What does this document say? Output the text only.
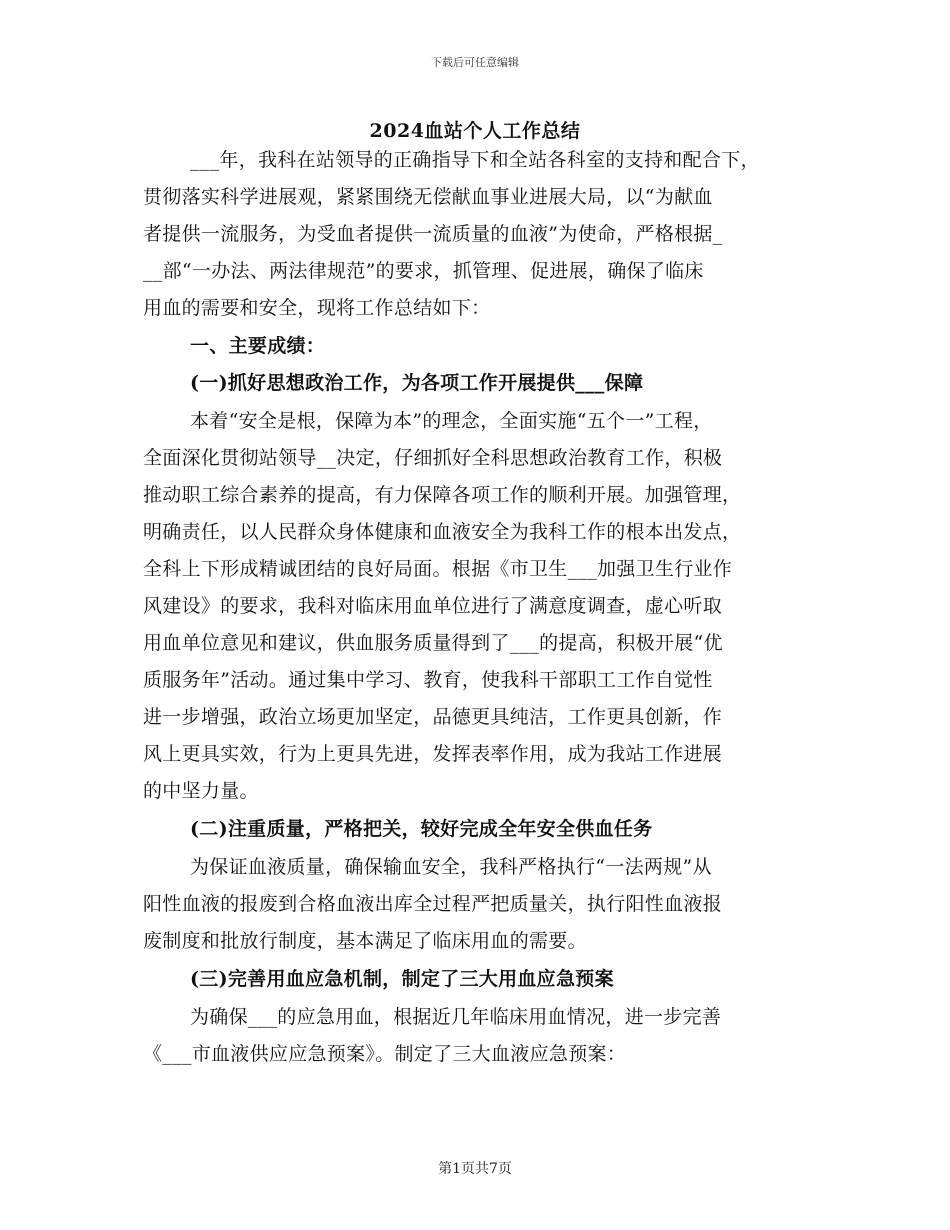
下载后可任意编辑
2024血站个人工作总结
___年，我科在站领导的正确指导下和全站各科室的支持和配合下，
贯彻落实科学进展观，紧紧围绕无偿献血事业进展大局，以“为献血
者提供一流服务，为受血者提供一流质量的血液”为使命，严格根据_
__部“一办法、两法律规范”的要求，抓管理、促进展，确保了临床
用血的需要和安全，现将工作总结如下：
一、主要成绩：
(一)抓好思想政治工作，为各项工作开展提供___保障
本着“安全是根，保障为本”的理念，全面实施“五个一”工程，
全面深化贯彻站领导__决定，仔细抓好全科思想政治教育工作，积极
推动职工综合素养的提高，有力保障各项工作的顺利开展。加强管理，
明确责任，以人民群众身体健康和血液安全为我科工作的根本出发点，
全科上下形成精诚团结的良好局面。根据《市卫生___加强卫生行业作
风建设》的要求，我科对临床用血单位进行了满意度调查，虚心听取
用血单位意见和建议，供血服务质量得到了___的提高，积极开展“优
质服务年”活动。通过集中学习、教育，使我科干部职工工作自觉性
进一步增强，政治立场更加坚定，品德更具纯洁，工作更具创新，作
风上更具实效，行为上更具先进，发挥表率作用，成为我站工作进展
的中坚力量。
(二)注重质量，严格把关，较好完成全年安全供血任务
为保证血液质量，确保输血安全，我科严格执行“一法两规”从
阳性血液的报废到合格血液出库全过程严把质量关，执行阳性血液报
废制度和批放行制度，基本满足了临床用血的需要。
(三)完善用血应急机制，制定了三大用血应急预案
为确保___的应急用血，根据近几年临床用血情况，进一步完善
《___市血液供应应急预案》。制定了三大血液应急预案：
第1页共7页
